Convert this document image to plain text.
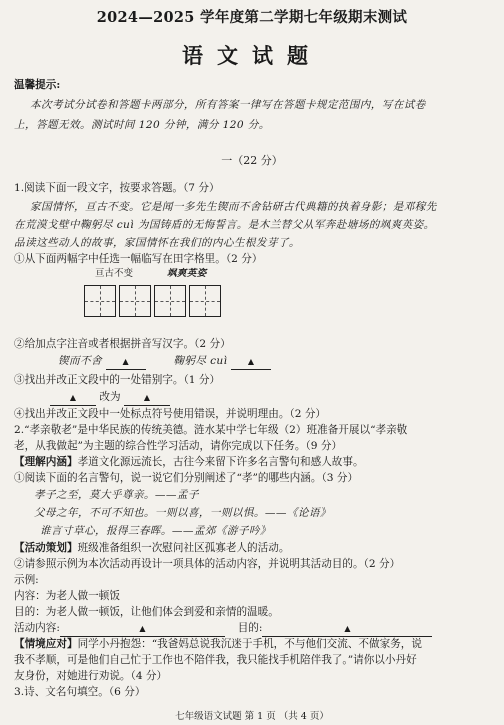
2024—2025 学年度第二学期七年级期末测试
语文试题
温馨提示:
本次考试分试卷和答题卡两部分，所有答案一律写在答题卡规定范围内，写在试卷
上，答题无效。测试时间 120 分钟，满分 120 分。
一（22 分）
1.阅读下面一段文字，按要求答题。（7 分）
家国情怀，亘古不变。它是闻一多先生锲而不舍钻研古代典籍的执着身影；是邓稼先
在荒漠戈壁中鞠躬尽 cuì 为国铸盾的无悔誓言。是木兰替父从军奔赴塘场的飒爽英姿。
品读这些动人的故事，家国情怀在我们的内心生根发芽了。
①从下面两幅字中任选一幅临写在田字格里。（2 分）
亘古不变	飒爽英姿
②给加点字注音或者根据拼音写汉字。（2 分）
锲而不舍	▲	鞠躬尽 cuì	▲
③找出并改正文段中的一处错别字。（1 分）
▲ 改为	▲
④找出并改正文段中一处标点符号使用错误，并说明理由。（2 分）
2.“孝亲敬老”是中华民族的传统美德。涟水某中学七年级（2）班准备开展以“孝亲敬
老，从我做起”为主题的综合性学习活动，请你完成以下任务。（9 分）
【理解内涵】孝道文化源远流长，古往今来留下许多名言警句和感人故事。
①阅读下面的名言警句，说一说它们分别阐述了“孝”的哪些内涵。（3 分）
孝子之至，莫大乎尊亲。——孟子
父母之年，不可不知也。一则以喜，一则以惧。——《论语》
谁言寸草心，报得三春晖。——孟郊《游子吟》
【活动策划】班级准备组织一次慰问社区孤寡老人的活动。
②请参照示例为本次活动再设计一项具体的活动内容，并说明其活动目的。（2 分）
示例:
内容：为老人做一顿饭
目的：为老人做一顿饭，让他们体会到爱和亲情的温暖。
活动内容:	▲	目的:	▲
【情境应对】同学小丹抱怨：“我爸妈总说我沉迷于手机，不与他们交流、不做家务，说
我不孝顺，可是他们自己忙于工作也不陪伴我，我只能找手机陪伴我了。”请你以小丹好
友身份，对她进行劝说。（4 分）
3.诗、文名句填空。（6 分）
七年级语文试题 第 1 页 （共 4 页）
